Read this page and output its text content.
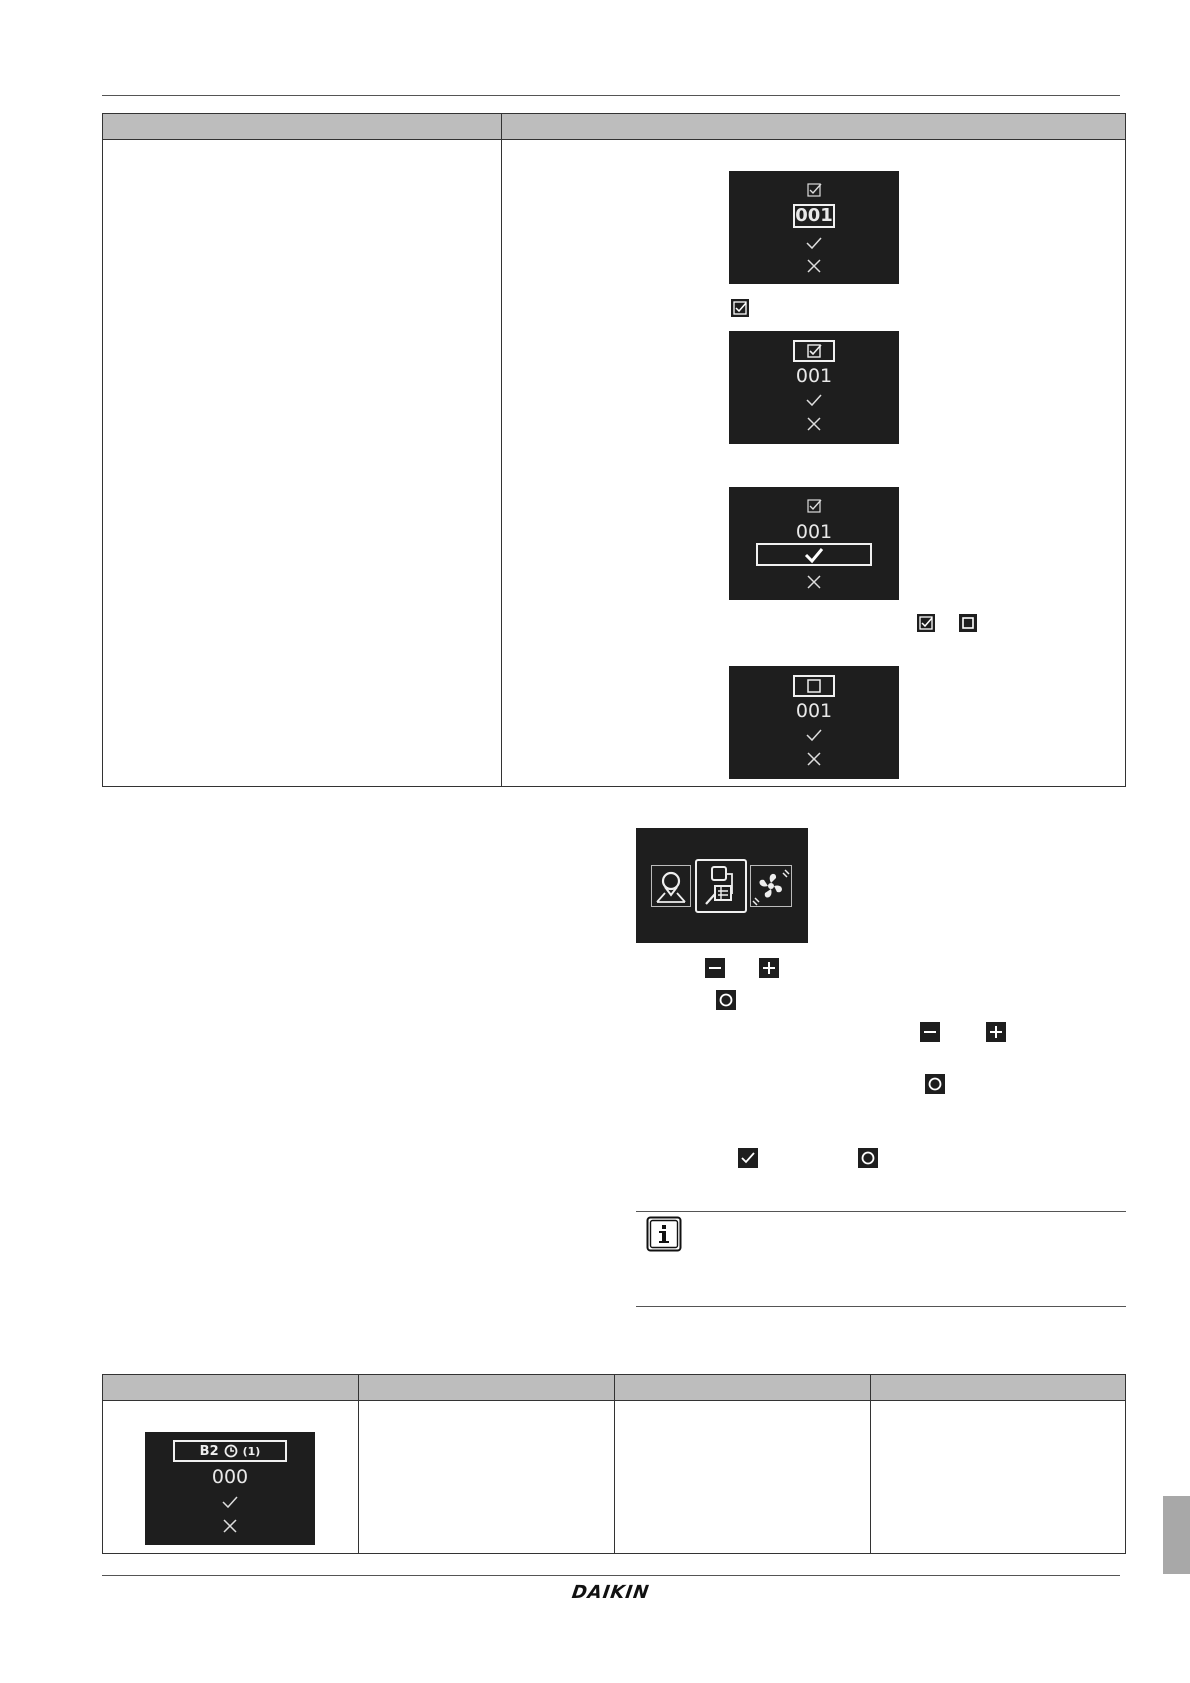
001
001
001
001
B2 (1)
000
DAIKIN
